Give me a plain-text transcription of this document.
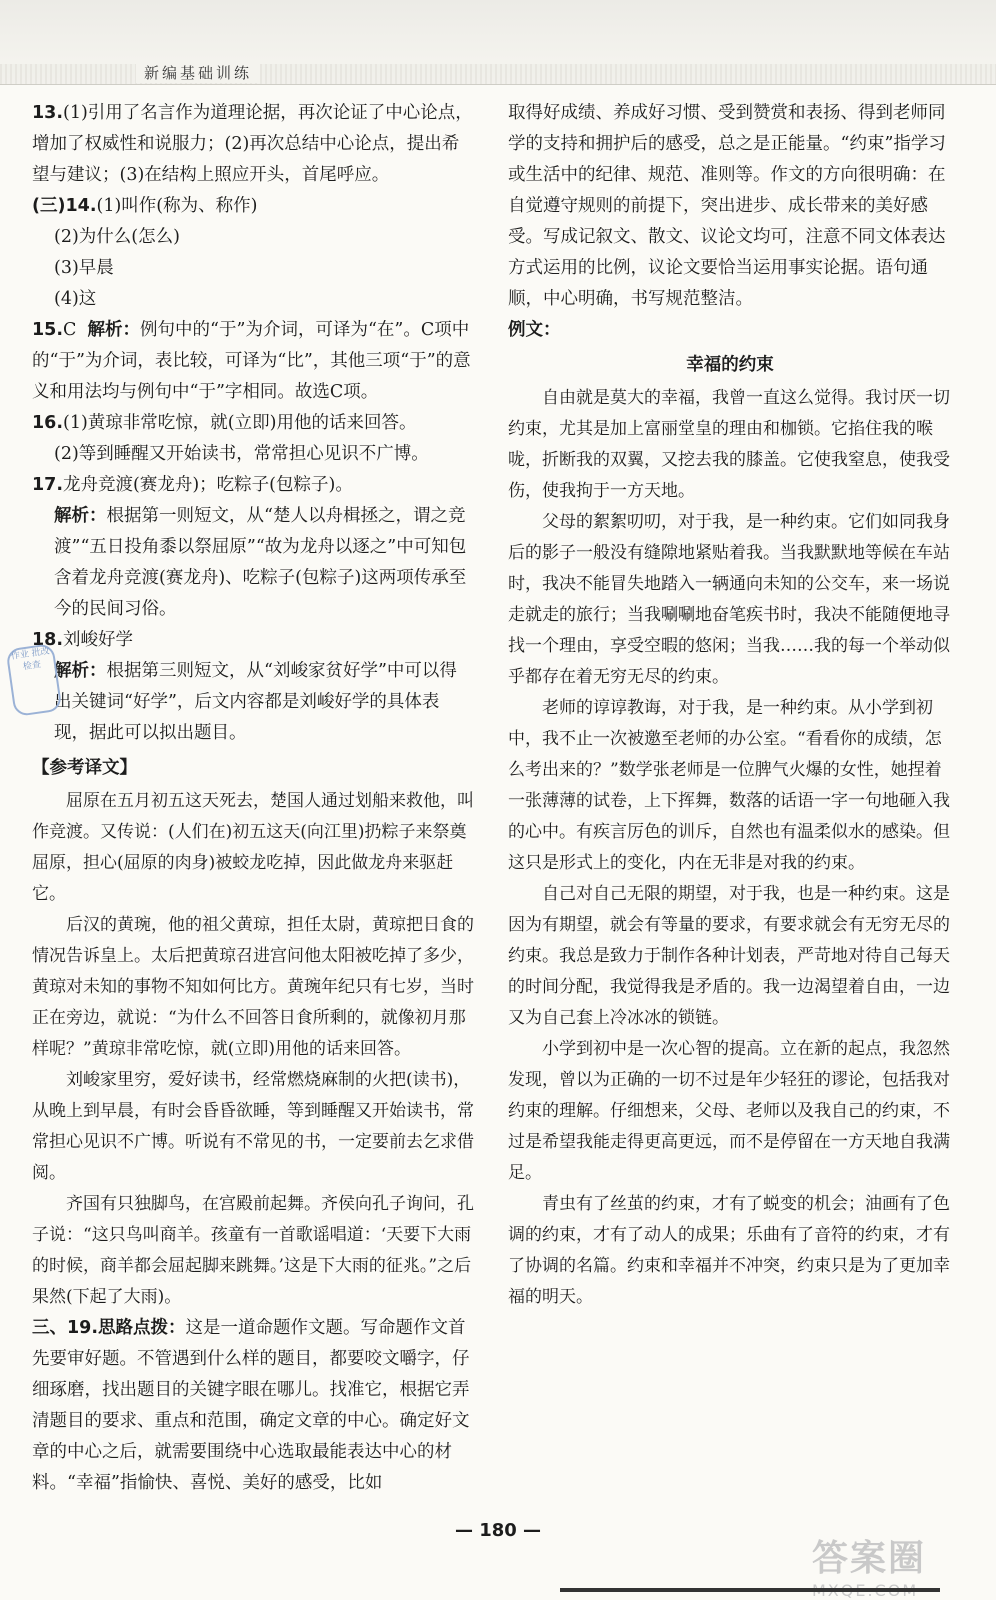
新编基础训练

13.(1)引用了名言作为道理论据，再次论证了中心论点，增加了权威性和说服力；(2)再次总结中心论点，提出希望与建议；(3)在结构上照应开头，首尾呼应。

(三)14.(1)叫作(称为、称作)

(2)为什么(怎么)

(3)早晨

(4)这

15.C 解析：例句中的“于”为介词，可译为“在”。C项中的“于”为介词，表比较，可译为“比”，其他三项“于”的意义和用法均与例句中“于”字相同。故选C项。

16.(1)黄琼非常吃惊，就(立即)用他的话来回答。

(2)等到睡醒又开始读书，常常担心见识不广博。

17.龙舟竞渡(赛龙舟)；吃粽子(包粽子)。

解析：根据第一则短文，从“楚人以舟楫拯之，谓之竞渡”“五日投角黍以祭屈原”“故为龙舟以逐之”中可知包含着龙舟竞渡(赛龙舟)、吃粽子(包粽子)这两项传承至今的民间习俗。

18.刘峻好学

解析：根据第三则短文，从“刘峻家贫好学”中可以得出关键词“好学”，后文内容都是刘峻好学的具体表现，据此可以拟出题目。

【参考译文】

屈原在五月初五这天死去，楚国人通过划船来救他，叫作竞渡。又传说：(人们在)初五这天(向江里)扔粽子来祭奠屈原，担心(屈原的肉身)被蛟龙吃掉，因此做龙舟来驱赶它。

后汉的黄琬，他的祖父黄琼，担任太尉，黄琼把日食的情况告诉皇上。太后把黄琼召进宫问他太阳被吃掉了多少，黄琼对未知的事物不知如何比方。黄琬年纪只有七岁，当时正在旁边，就说：“为什么不回答日食所剩的，就像初月那样呢？”黄琼非常吃惊，就(立即)用他的话来回答。

刘峻家里穷，爱好读书，经常燃烧麻制的火把(读书)，从晚上到早晨，有时会昏昏欲睡，等到睡醒又开始读书，常常担心见识不广博。听说有不常见的书，一定要前去乞求借阅。

齐国有只独脚鸟，在宫殿前起舞。齐侯向孔子询问，孔子说：“这只鸟叫商羊。孩童有一首歌谣唱道：‘天要下大雨的时候，商羊都会屈起脚来跳舞。’这是下大雨的征兆。”之后果然(下起了大雨)。

三、19.思路点拨：这是一道命题作文题。写命题作文首先要审好题。不管遇到什么样的题目，都要咬文嚼字，仔细琢磨，找出题目的关键字眼在哪儿。找准它，根据它弄清题目的要求、重点和范围，确定文章的中心。确定好文章的中心之后，就需要围绕中心选取最能表达中心的材料。“幸福”指愉快、喜悦、美好的感受，比如

作业 批改 检查

取得好成绩、养成好习惯、受到赞赏和表扬、得到老师同学的支持和拥护后的感受，总之是正能量。“约束”指学习或生活中的纪律、规范、准则等。作文的方向很明确：在自觉遵守规则的前提下，突出进步、成长带来的美好感受。写成记叙文、散文、议论文均可，注意不同文体表达方式运用的比例，议论文要恰当运用事实论据。语句通顺，中心明确，书写规范整洁。

例文：
幸福的约束

自由就是莫大的幸福，我曾一直这么觉得。我讨厌一切约束，尤其是加上富丽堂皇的理由和枷锁。它掐住我的喉咙，折断我的双翼，又挖去我的膝盖。它使我窒息，使我受伤，使我拘于一方天地。

父母的絮絮叨叨，对于我，是一种约束。它们如同我身后的影子一般没有缝隙地紧贴着我。当我默默地等候在车站时，我决不能冒失地踏入一辆通向未知的公交车，来一场说走就走的旅行；当我唰唰地奋笔疾书时，我决不能随便地寻找一个理由，享受空暇的悠闲；当我……我的每一个举动似乎都存在着无穷无尽的约束。

老师的谆谆教诲，对于我，是一种约束。从小学到初中，我不止一次被邀至老师的办公室。“看看你的成绩，怎么考出来的？”数学张老师是一位脾气火爆的女性，她捏着一张薄薄的试卷，上下挥舞，数落的话语一字一句地砸入我的心中。有疾言厉色的训斥，自然也有温柔似水的感染。但这只是形式上的变化，内在无非是对我的约束。

自己对自己无限的期望，对于我，也是一种约束。这是因为有期望，就会有等量的要求，有要求就会有无穷无尽的约束。我总是致力于制作各种计划表，严苛地对待自己每天的时间分配，我觉得我是矛盾的。我一边渴望着自由，一边又为自己套上冷冰冰的锁链。

小学到初中是一次心智的提高。立在新的起点，我忽然发现，曾以为正确的一切不过是年少轻狂的谬论，包括我对约束的理解。仔细想来，父母、老师以及我自己的约束，不过是希望我能走得更高更远，而不是停留在一方天地自我满足。

青虫有了丝茧的约束，才有了蜕变的机会；油画有了色调的约束，才有了动人的成果；乐曲有了音符的约束，才有了协调的名篇。约束和幸福并不冲突，约束只是为了更加幸福的明天。

— 180 —
答案圈
